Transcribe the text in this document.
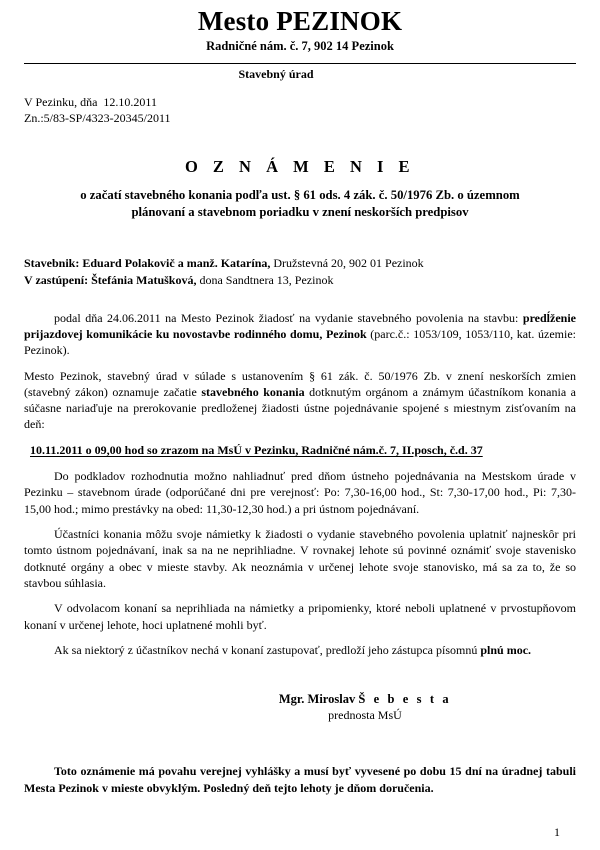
Mesto PEZINOK
Radničné nám. č. 7, 902 14 Pezinok
Stavebný úrad
V Pezinku, dňa  12.10.2011
Zn.:5/83-SP/4323-20345/2011
O Z N Á M E N I E
o začatí stavebného konania podľa ust. § 61 ods. 4 zák. č. 50/1976 Zb. o územnom
plánovaní a stavebnom poriadku v znení neskorších predpisov
Stavebnik: Eduard Polakovič a manž. Katarína, Družstevná 20, 902 01 Pezinok
V zastúpení: Štefánia Matušková, dona Sandtnera 13, Pezinok

podal dňa 24.06.2011 na Mesto Pezinok žiadosť na vydanie stavebného povolenia na stavbu: predĺženie prijazdovej komunikácie ku novostavbe rodinného domu, Pezinok (parc.č.: 1053/109, 1053/110, kat. územie: Pezinok).

Mesto Pezinok, stavebný úrad v súlade s ustanovením § 61 zák. č. 50/1976 Zb. v znení neskorších zmien (stavebný zákon) oznamuje začatie stavebného konania dotknutým orgánom a známym účastníkom konania a súčasne nariaďuje na prerokovanie predloženej žiadosti ústne pojednávanie spojené s miestnym zisťovaním na deň:

10.11.2011 o 09,00 hod so zrazom na MsÚ v Pezinku, Radničné nám.č. 7, II.posch, č.d. 37

Do podkladov rozhodnutia možno nahliadnuť pred dňom ústneho pojednávania na Mestskom úrade v Pezinku – stavebnom úrade (odporúčané dni pre verejnosť: Po: 7,30-16,00 hod., St: 7,30-17,00 hod., Pi: 7,30-15,00 hod.; mimo prestávky na obed: 11,30-12,30 hod.) a pri ústnom pojednávaní.

Účastníci konania môžu svoje námietky k žiadosti o vydanie stavebného povolenia uplatniť najneskôr pri tomto ústnom pojednávaní, inak sa na ne neprihliadne. V rovnakej lehote sú povinné oznámiť svoje stavenisko dotknuté orgány a obec v mieste stavby. Ak neoznámia v určenej lehote svoje stanovisko, má sa za to, že so stavbou súhlasia.

V odvolacom konaní sa neprihliada na námietky a pripomienky, ktoré neboli uplatnené v prvostupňovom konaní v určenej lehote, hoci uplatnené mohli byť.

Ak sa niektorý z účastníkov nechá v konaní zastupovať, predloží jeho zástupca písomnú plnú moc.

Mgr. Miroslav Š e b e s t a
prednosta MsÚ
Toto oznámenie má povahu verejnej vyhlášky a musí byť vyvesené po dobu 15 dní na úradnej tabuli Mesta Pezinok v mieste obvyklým. Posledný deň tejto lehoty je dňom doručenia.
1
